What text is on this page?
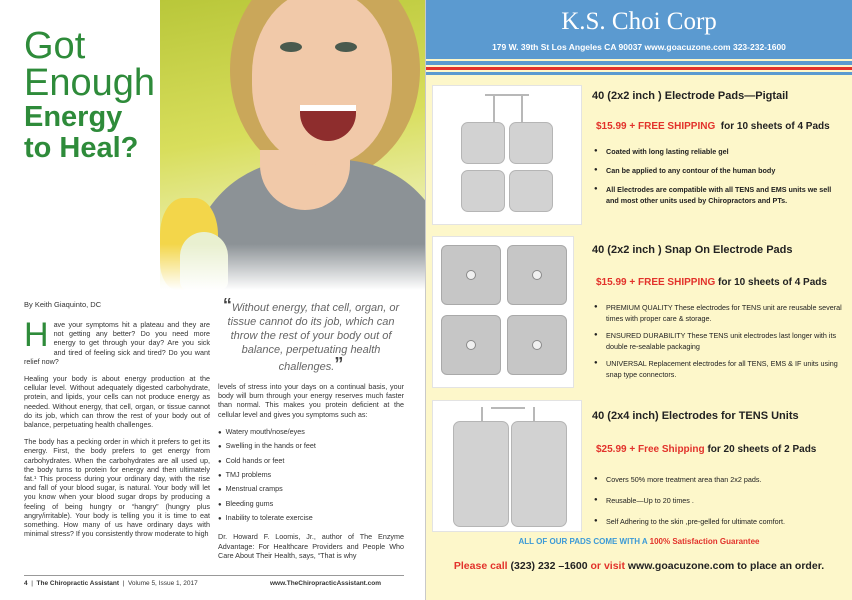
Got
Enough
Energy
to Heal?
By Keith Giaquinto, DC

Have your symptoms hit a plateau and they are not getting any better? Do you need more energy to get through your day? Are you sick and tired of feeling sick and tired? Do you want relief now?

Healing your body is about energy production at the cellular level. Without adequately digested carbohydrate, protein, and lipids, your cells can not produce energy as needed. Without energy, that cell, organ, or tissue cannot do its job, which can throw the rest of your body out of balance, perpetuating health challenges.

The body has a pecking order in which it prefers to get its energy. First, the body prefers to get energy from carbohydrates. When the carbohydrates are all used up, the body turns to protein for energy and then ultimately fat.¹ This process during your ordinary day, with the rise and fall of your blood sugar, is natural. Your body will let you know when your blood sugar drops by producing a feeling of being hungry or “hangry” (hungry plus angry/irritable). Your body is telling you it is time to eat something. How many of us have ordinary days with minimal stress? If you consistently throw moderate to high

“Without energy, that cell, organ, or tissue cannot do its job, which can throw the rest of your body out of balance, perpetuating health challenges.”

levels of stress into your days on a continual basis, your body will burn through your energy reserves much faster than normal. This makes you protein deficient at the cellular level and gives you symptoms such as:

● Watery mouth/nose/eyes
● Swelling in the hands or feet
● Cold hands or feet
● TMJ problems
● Menstrual cramps
● Bleeding gums
● Inability to tolerate exercise

Dr. Howard F. Loomis, Jr., author of The Enzyme Advantage: For Healthcare Providers and People Who Care About Their Health, says, “That is why

4  |  The Chiropractic Assistant  |  Volume 5, Issue 1, 2017	www.TheChiropracticAssistant.com
K.S. Choi Corp
179 W. 39th St Los Angeles CA 90037 www.goacuzone.com 323-232-1600
40 (2x2 inch ) Electrode Pads—Pigtail
$15.99 + FREE SHIPPING for 10 sheets of 4 Pads
● Coated with long lasting reliable gel
● Can be applied to any contour of the human body
● All Electrodes are compatible with all TENS and EMS units we sell and most other units used by Chiropractors and PTs.
40 (2x2 inch ) Snap On Electrode Pads
$15.99 + FREE SHIPPING for 10 sheets of 4 Pads
● PREMIUM QUALITY These electrodes for TENS unit are reusable several times with proper care & storage.
● ENSURED DURABILITY These TENS unit electrodes last longer with its double re-sealable packaging
● UNIVERSAL Replacement electrodes for all TENS, EMS & IF units using snap type connectors.
40 (2x4 inch) Electrodes for TENS Units
$25.99 + Free Shipping for 20 sheets of 2 Pads
● Covers 50% more treatment area than 2x2 pads.
● Reusable—Up to 20 times .
● Self Adhering to the skin ,pre-gelled for ultimate comfort.
ALL OF OUR PADS COME WITH A 100% Satisfaction Guarantee
Please call (323) 232 –1600 or visit www.goacuzone.com to place an order.
